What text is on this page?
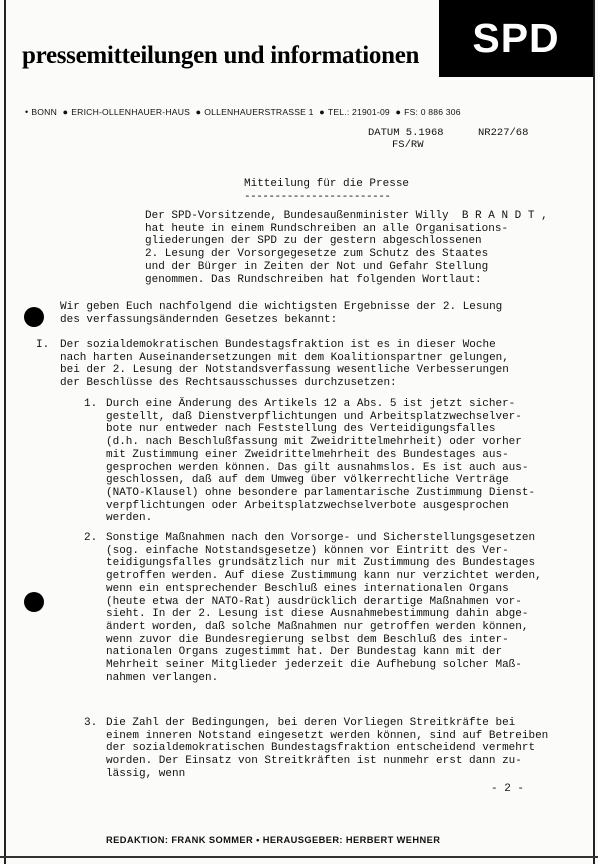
pressemitteilungen und informationen	SPD
• BONN ● ERICH-OLLENHAUER-HAUS ● OLLENHAUERSTRASSE 1 ● TEL.: 21901-09 ● FS: 0 886 306
DATUM 5.1968	NR227/68
FS/RW
Mitteilung für die Presse
------------------------
Der SPD-Vorsitzende, Bundesaußenminister Willy  B R A N D T ,
hat heute in einem Rundschreiben an alle Organisations-
gliederungen der SPD zu der gestern abgeschlossenen
2. Lesung der Vorsorgegesetze zum Schutz des Staates
und der Bürger in Zeiten der Not und Gefahr Stellung
genommen. Das Rundschreiben hat folgenden Wortlaut:
Wir geben Euch nachfolgend die wichtigsten Ergebnisse der 2. Lesung
des verfassungsändernden Gesetzes bekannt:
I. Der sozialdemokratischen Bundestagsfraktion ist es in dieser Woche
nach harten Auseinandersetzungen mit dem Koalitionspartner gelungen,
bei der 2. Lesung der Notstandsverfassung wesentliche Verbesserungen
der Beschlüsse des Rechtsausschusses durchzusetzen:
1. Durch eine Änderung des Artikels 12 a Abs. 5 ist jetzt sicher-
gestellt, daß Dienstverpflichtungen und Arbeitsplatzwechselver-
bote nur entweder nach Feststellung des Verteidigungsfalles
(d.h. nach Beschlußfassung mit Zweidrittelmehrheit) oder vorher
mit Zustimmung einer Zweidrittelmehrheit des Bundestages aus-
gesprochen werden können. Das gilt ausnahmslos. Es ist auch aus-
geschlossen, daß auf dem Umweg über völkerrechtliche Verträge
(NATO-Klausel) ohne besondere parlamentarische Zustimmung Dienst-
verpflichtungen oder Arbeitsplatzwechselverbote ausgesprochen
werden.
2. Sonstige Maßnahmen nach den Vorsorge- und Sicherstellungsgesetzen
(sog. einfache Notstandsgesetze) können vor Eintritt des Ver-
teidigungsfalles grundsätzlich nur mit Zustimmung des Bundestages
getroffen werden. Auf diese Zustimmung kann nur verzichtet werden,
wenn ein entsprechender Beschluß eines internationalen Organs
(heute etwa der NATO-Rat) ausdrücklich derartige Maßnahmen vor-
sieht. In der 2. Lesung ist diese Ausnahmebestimmung dahin abge-
ändert worden, daß solche Maßnahmen nur getroffen werden können,
wenn zuvor die Bundesregierung selbst dem Beschluß des inter-
nationalen Organs zugestimmt hat. Der Bundestag kann mit der
Mehrheit seiner Mitglieder jederzeit die Aufhebung solcher Maß-
nahmen verlangen.
3. Die Zahl der Bedingungen, bei deren Vorliegen Streitkräfte bei
einem inneren Notstand eingesetzt werden können, sind auf Betreiben
der sozialdemokratischen Bundestagsfraktion entscheidend vermehrt
worden. Der Einsatz von Streitkräften ist nunmehr erst dann zu-
lässig, wenn
- 2 -
REDAKTION: FRANK SOMMER • HERAUSGEBER: HERBERT WEHNER
